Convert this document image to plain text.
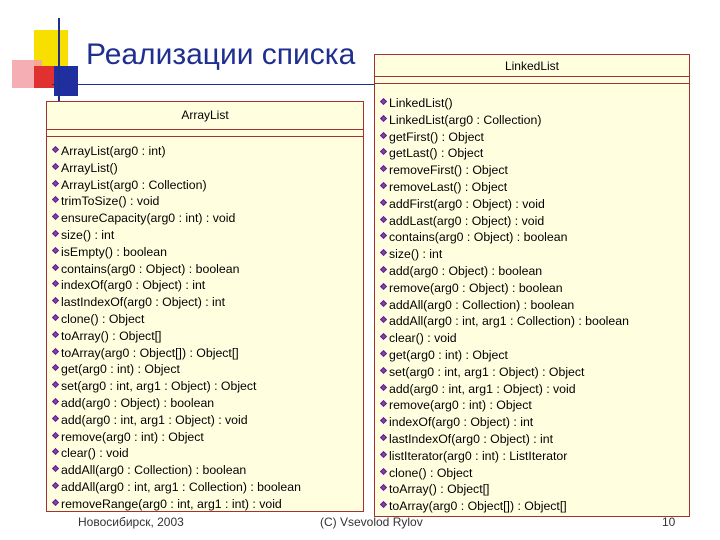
Реализации списка
ArrayList
ArrayList(arg0 : int)
ArrayList()
ArrayList(arg0 : Collection)
trimToSize() : void
ensureCapacity(arg0 : int) : void
size() : int
isEmpty() : boolean
contains(arg0 : Object) : boolean
indexOf(arg0 : Object) : int
lastIndexOf(arg0 : Object) : int
clone() : Object
toArray() : Object[]
toArray(arg0 : Object[]) : Object[]
get(arg0 : int) : Object
set(arg0 : int, arg1 : Object) : Object
add(arg0 : Object) : boolean
add(arg0 : int, arg1 : Object) : void
remove(arg0 : int) : Object
clear() : void
addAll(arg0 : Collection) : boolean
addAll(arg0 : int, arg1 : Collection) : boolean
removeRange(arg0 : int, arg1 : int) : void
LinkedList
LinkedList()
LinkedList(arg0 : Collection)
getFirst() : Object
getLast() : Object
removeFirst() : Object
removeLast() : Object
addFirst(arg0 : Object) : void
addLast(arg0 : Object) : void
contains(arg0 : Object) : boolean
size() : int
add(arg0 : Object) : boolean
remove(arg0 : Object) : boolean
addAll(arg0 : Collection) : boolean
addAll(arg0 : int, arg1 : Collection) : boolean
clear() : void
get(arg0 : int) : Object
set(arg0 : int, arg1 : Object) : Object
add(arg0 : int, arg1 : Object) : void
remove(arg0 : int) : Object
indexOf(arg0 : Object) : int
lastIndexOf(arg0 : Object) : int
listIterator(arg0 : int) : ListIterator
clone() : Object
toArray() : Object[]
toArray(arg0 : Object[]) : Object[]
Новосибирск, 2003	(C) Vsevolod Rylov	10
